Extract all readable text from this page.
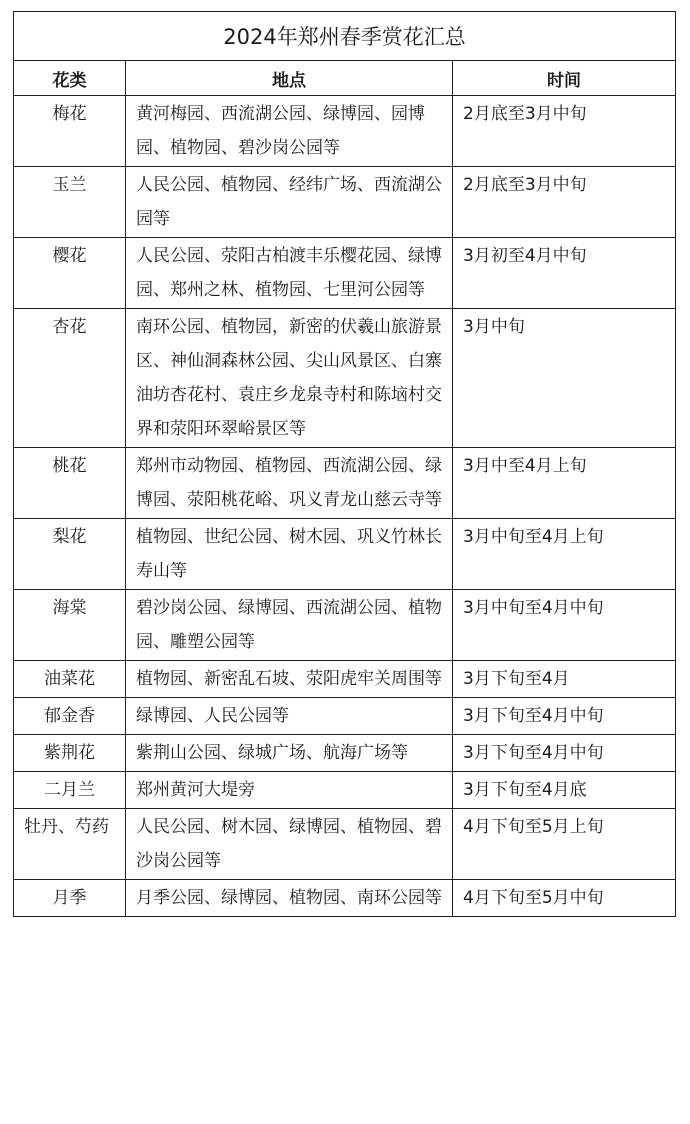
2024年郑州春季赏花汇总		
花类	地点	时间
梅花	黄河梅园、西流湖公园、绿博园、园博园、植物园、碧沙岗公园等	2月底至3月中旬
玉兰	人民公园、植物园、经纬广场、西流湖公园等	2月底至3月中旬
樱花	人民公园、荥阳古柏渡丰乐樱花园、绿博园、郑州之林、植物园、七里河公园等	3月初至4月中旬
杏花	南环公园、植物园，新密的伏羲山旅游景区、神仙洞森林公园、尖山风景区、白寨油坊杏花村、袁庄乡龙泉寺村和陈垴村交界和荥阳环翠峪景区等	3月中旬
桃花	郑州市动物园、植物园、西流湖公园、绿博园、荥阳桃花峪、巩义青龙山慈云寺等	3月中至4月上旬
梨花	植物园、世纪公园、树木园、巩义竹林长寿山等	3月中旬至4月上旬
海棠	碧沙岗公园、绿博园、西流湖公园、植物园、雕塑公园等	3月中旬至4月中旬
油菜花	植物园、新密乱石坡、荥阳虎牢关周围等	3月下旬至4月
郁金香	绿博园、人民公园等	3月下旬至4月中旬
紫荆花	紫荆山公园、绿城广场、航海广场等	3月下旬至4月中旬
二月兰	郑州黄河大堤旁	3月下旬至4月底
牡丹、芍药	人民公园、树木园、绿博园、植物园、碧沙岗公园等	4月下旬至5月上旬
月季	月季公园、绿博园、植物园、南环公园等	4月下旬至5月中旬
